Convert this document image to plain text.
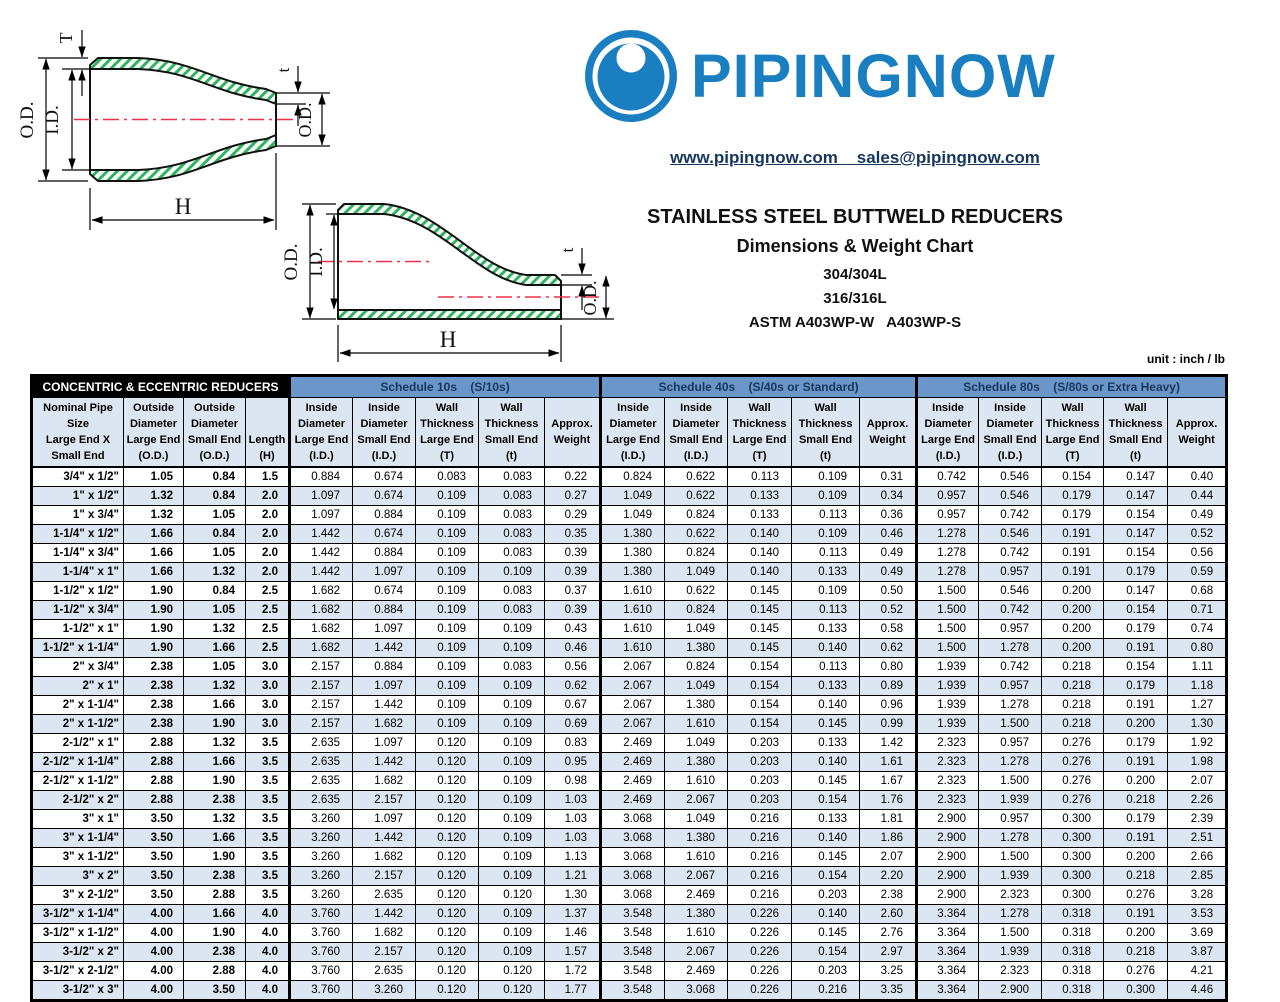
O.D. I.D.
T
t
O.D.
H
O.D. I.D.	t
O.D.
H
PIPINGNOW
www.pipingnow.com    sales@pipingnow.com
STAINLESS STEEL BUTTWELD REDUCERS
Dimensions & Weight Chart
304/304L
316/316L
ASTM A403WP-W   A403WP-S
unit : inch / lb
CONCENTRIC & ECCENTRIC REDUCERS				Schedule 10s    (S/10s)					Schedule 40s    (S/40s or Standard)					Schedule 80s    (S/80s or Extra Heavy)				

Nominal Pipe
Size
Large End X
Small End

Outside
Diameter
Large End
(O.D.)

Outside
Diameter
Small End
(O.D.)

Length
(H)

Inside
Diameter
Large End
(I.D.)

Inside
Diameter
Small End
(I.D.)

Wall
Thickness
Large End
(T)

Wall
Thickness
Small End
(t)

Approx.
Weight

Inside
Diameter
Large End
(I.D.)

Inside
Diameter
Small End
(I.D.)

Wall
Thickness
Large End
(T)

Wall
Thickness
Small End
(t)

Approx.
Weight

Inside
Diameter
Large End
(I.D.)

Inside
Diameter
Small End
(I.D.)

Wall
Thickness
Large End
(T)

Wall
Thickness
Small End
(t)

Approx.
Weight

3/4" x 1/2"	1.05	0.84	1.5	0.884	0.674	0.083	0.083	0.22	0.824	0.622	0.113	0.109	0.31	0.742	0.546	0.154	0.147	0.40
1" x 1/2"	1.32	0.84	2.0	1.097	0.674	0.109	0.083	0.27	1.049	0.622	0.133	0.109	0.34	0.957	0.546	0.179	0.147	0.44
1" x 3/4"	1.32	1.05	2.0	1.097	0.884	0.109	0.083	0.29	1.049	0.824	0.133	0.113	0.36	0.957	0.742	0.179	0.154	0.49
1-1/4" x 1/2"	1.66	0.84	2.0	1.442	0.674	0.109	0.083	0.35	1.380	0.622	0.140	0.109	0.46	1.278	0.546	0.191	0.147	0.52
1-1/4" x 3/4"	1.66	1.05	2.0	1.442	0.884	0.109	0.083	0.39	1.380	0.824	0.140	0.113	0.49	1.278	0.742	0.191	0.154	0.56
1-1/4" x 1"	1.66	1.32	2.0	1.442	1.097	0.109	0.109	0.39	1.380	1.049	0.140	0.133	0.49	1.278	0.957	0.191	0.179	0.59
1-1/2" x 1/2"	1.90	0.84	2.5	1.682	0.674	0.109	0.083	0.37	1.610	0.622	0.145	0.109	0.50	1.500	0.546	0.200	0.147	0.68
1-1/2" x 3/4"	1.90	1.05	2.5	1.682	0.884	0.109	0.083	0.39	1.610	0.824	0.145	0.113	0.52	1.500	0.742	0.200	0.154	0.71
1-1/2" x 1"	1.90	1.32	2.5	1.682	1.097	0.109	0.109	0.43	1.610	1.049	0.145	0.133	0.58	1.500	0.957	0.200	0.179	0.74
1-1/2" x 1-1/4"	1.90	1.66	2.5	1.682	1.442	0.109	0.109	0.46	1.610	1.380	0.145	0.140	0.62	1.500	1.278	0.200	0.191	0.80
2" x 3/4"	2.38	1.05	3.0	2.157	0.884	0.109	0.083	0.56	2.067	0.824	0.154	0.113	0.80	1.939	0.742	0.218	0.154	1.11
2" x 1"	2.38	1.32	3.0	2.157	1.097	0.109	0.109	0.62	2.067	1.049	0.154	0.133	0.89	1.939	0.957	0.218	0.179	1.18
2" x 1-1/4"	2.38	1.66	3.0	2.157	1.442	0.109	0.109	0.67	2.067	1.380	0.154	0.140	0.96	1.939	1.278	0.218	0.191	1.27
2" x 1-1/2"	2.38	1.90	3.0	2.157	1.682	0.109	0.109	0.69	2.067	1.610	0.154	0.145	0.99	1.939	1.500	0.218	0.200	1.30
2-1/2" x 1"	2.88	1.32	3.5	2.635	1.097	0.120	0.109	0.83	2.469	1.049	0.203	0.133	1.42	2.323	0.957	0.276	0.179	1.92
2-1/2" x 1-1/4"	2.88	1.66	3.5	2.635	1.442	0.120	0.109	0.95	2.469	1.380	0.203	0.140	1.61	2.323	1.278	0.276	0.191	1.98
2-1/2" x 1-1/2"	2.88	1.90	3.5	2.635	1.682	0.120	0.109	0.98	2.469	1.610	0.203	0.145	1.67	2.323	1.500	0.276	0.200	2.07
2-1/2" x 2"	2.88	2.38	3.5	2.635	2.157	0.120	0.109	1.03	2.469	2.067	0.203	0.154	1.76	2.323	1.939	0.276	0.218	2.26
3" x 1"	3.50	1.32	3.5	3.260	1.097	0.120	0.109	1.03	3.068	1.049	0.216	0.133	1.81	2.900	0.957	0.300	0.179	2.39
3" x 1-1/4"	3.50	1.66	3.5	3.260	1.442	0.120	0.109	1.03	3.068	1.380	0.216	0.140	1.86	2.900	1.278	0.300	0.191	2.51
3" x 1-1/2"	3.50	1.90	3.5	3.260	1.682	0.120	0.109	1.13	3.068	1.610	0.216	0.145	2.07	2.900	1.500	0.300	0.200	2.66
3" x 2"	3.50	2.38	3.5	3.260	2.157	0.120	0.109	1.21	3.068	2.067	0.216	0.154	2.20	2.900	1.939	0.300	0.218	2.85
3" x 2-1/2"	3.50	2.88	3.5	3.260	2.635	0.120	0.120	1.30	3.068	2.469	0.216	0.203	2.38	2.900	2.323	0.300	0.276	3.28
3-1/2" x 1-1/4"	4.00	1.66	4.0	3.760	1.442	0.120	0.109	1.37	3.548	1.380	0.226	0.140	2.60	3.364	1.278	0.318	0.191	3.53
3-1/2" x 1-1/2"	4.00	1.90	4.0	3.760	1.682	0.120	0.109	1.46	3.548	1.610	0.226	0.145	2.76	3.364	1.500	0.318	0.200	3.69
3-1/2" x 2"	4.00	2.38	4.0	3.760	2.157	0.120	0.109	1.57	3.548	2.067	0.226	0.154	2.97	3.364	1.939	0.318	0.218	3.87
3-1/2" x 2-1/2"	4.00	2.88	4.0	3.760	2.635	0.120	0.120	1.72	3.548	2.469	0.226	0.203	3.25	3.364	2.323	0.318	0.276	4.21
3-1/2" x 3"	4.00	3.50	4.0	3.760	3.260	0.120	0.120	1.77	3.548	3.068	0.226	0.216	3.35	3.364	2.900	0.318	0.300	4.46
